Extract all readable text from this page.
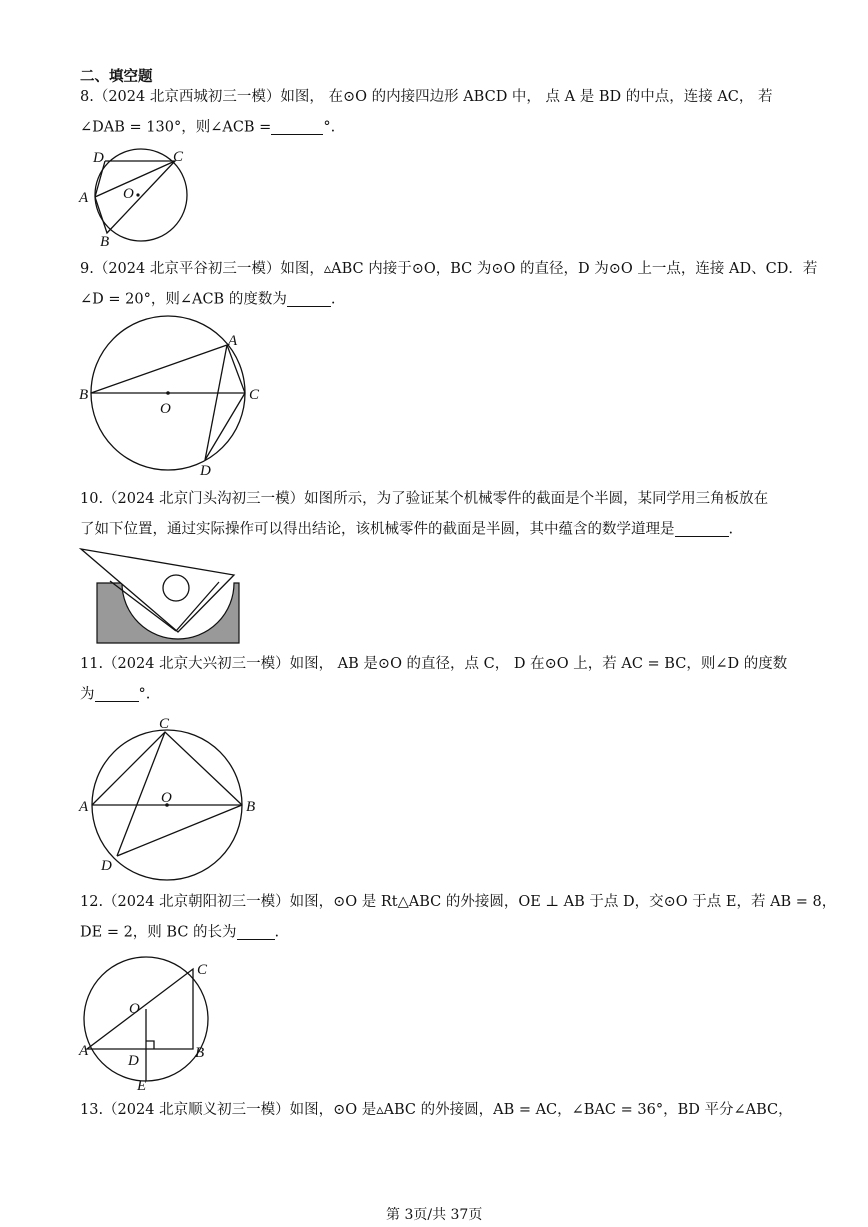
二、填空题
8.（2024 北京西城初三一模）如图， 在⊙O 的内接四边形 ABCD 中， 点 A 是 BD 的中点，连接 AC， 若
∠DAB = 130°，则∠ACB =	°.
D	C
A O
B
9.（2024 北京平谷初三一模）如图，▵ABC 内接于⊙O，BC 为⊙O 的直径，D 为⊙O 上一点，连接 AD、CD．若
∠D = 20°，则∠ACB 的度数为	.
A
B	C
O
D
10.（2024 北京门头沟初三一模）如图所示，为了验证某个机械零件的截面是个半圆，某同学用三角板放在
了如下位置，通过实际操作可以得出结论，该机械零件的截面是半圆，其中蕴含的数学道理是	.
11.（2024 北京大兴初三一模）如图， AB 是⊙O 的直径，点 C， D 在⊙O 上，若 AC = BC，则∠D 的度数
为	°.
C
A
O
B
D
12.（2024 北京朝阳初三一模）如图，⊙O 是 Rt△ABC 的外接圆，OE ⊥ AB 于点 D，交⊙O 于点 E，若 AB = 8，
DE = 2，则 BC 的长为	.
C
O
A	B
D
E
13.（2024 北京顺义初三一模）如图，⊙O 是▵ABC 的外接圆，AB = AC，∠BAC = 36°，BD 平分∠ABC，
第 3页/共 37页
